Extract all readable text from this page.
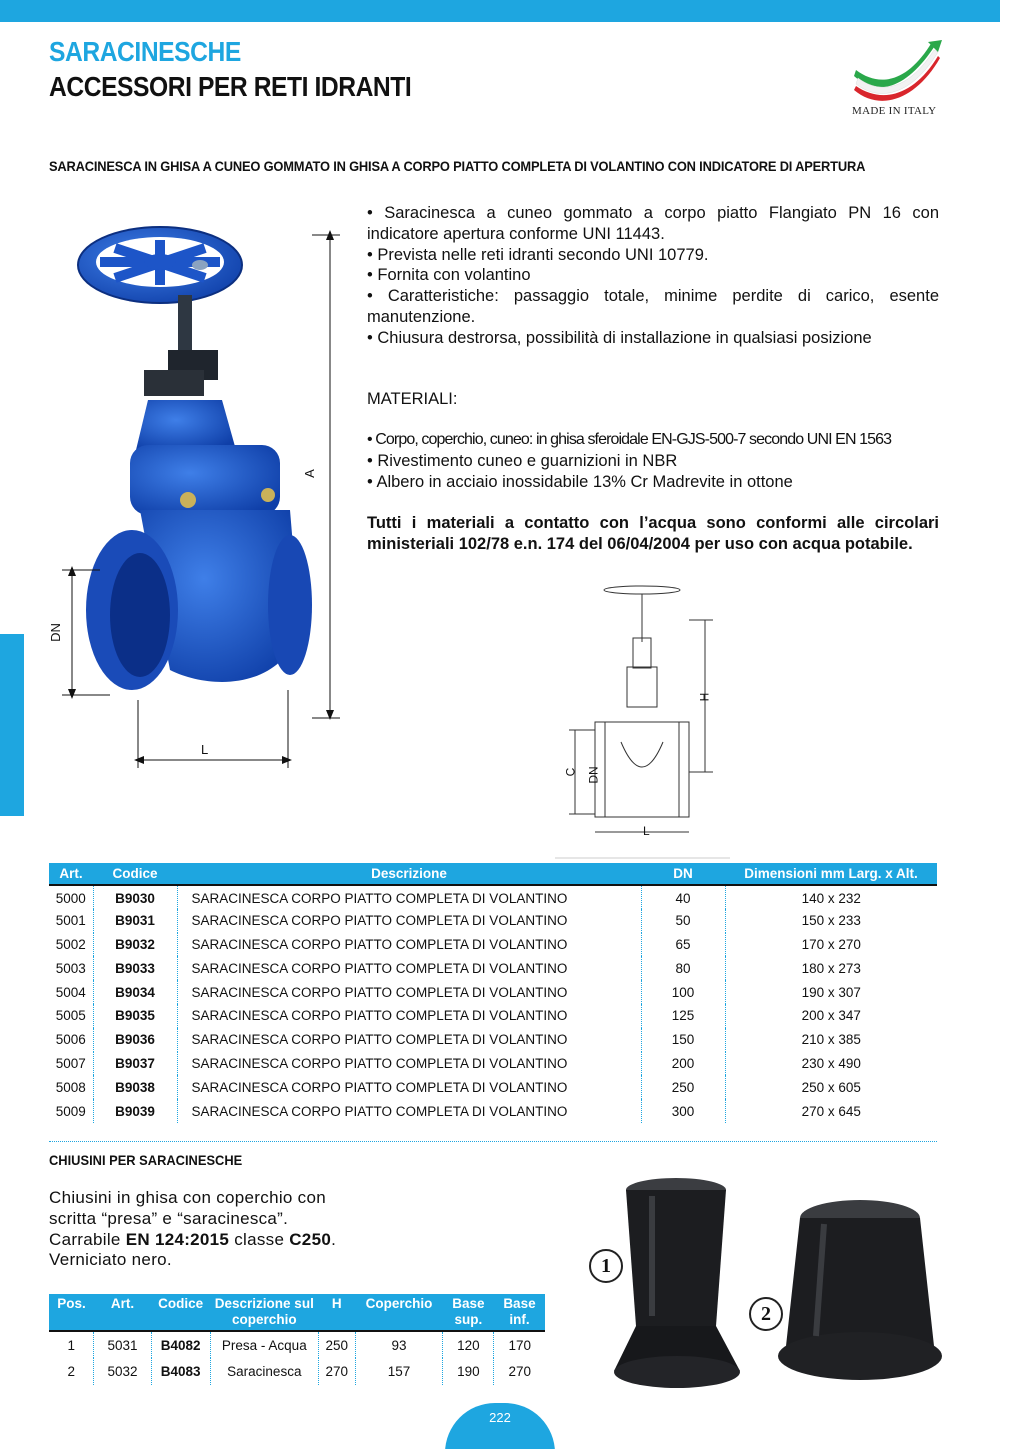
SARACINESCHE
ACCESSORI PER RETI IDRANTI
MADE IN ITALY
SARACINESCA IN GHISA A CUNEO GOMMATO IN GHISA A CORPO PIATTO COMPLETA DI VOLANTINO CON INDICATORE DI APERTURA
A
DN
L

• Saracinesca a cuneo gommato a corpo piatto Flangiato PN 16 con indicatore apertura conforme UNI 11443.

• Prevista nelle reti idranti secondo UNI 10779.

• Fornita con volantino

• Caratteristiche: passaggio totale, minime perdite di carico, esente manutenzione.

• Chiusura destrorsa, possibilità di installazione in qualsiasi posizione

MATERIALI:

• Corpo, coperchio, cuneo: in ghisa sferoidale EN-GJS-500-7 secondo UNI EN 1563

• Rivestimento cuneo e guarnizioni in NBR

• Albero in acciaio inossidabile 13% Cr Madrevite in ottone

Tutti i materiali a contatto con l’acqua sono conformi alle circolari ministeriali 102/78 e.n. 174 del 06/04/2004 per uso con acqua potabile.
H
C DN
L
Art.	Codice	Descrizione	DN	Dimensioni mm Larg. x Alt.
5000	B9030	SARACINESCA CORPO PIATTO COMPLETA DI VOLANTINO	40	140 x 232
5001	B9031	SARACINESCA CORPO PIATTO COMPLETA DI VOLANTINO	50	150 x 233
5002	B9032	SARACINESCA CORPO PIATTO COMPLETA DI VOLANTINO	65	170 x 270
5003	B9033	SARACINESCA CORPO PIATTO COMPLETA DI VOLANTINO	80	180 x 273
5004	B9034	SARACINESCA CORPO PIATTO COMPLETA DI VOLANTINO	100	190 x 307
5005	B9035	SARACINESCA CORPO PIATTO COMPLETA DI VOLANTINO	125	200 x 347
5006	B9036	SARACINESCA CORPO PIATTO COMPLETA DI VOLANTINO	150	210 x 385
5007	B9037	SARACINESCA CORPO PIATTO COMPLETA DI VOLANTINO	200	230 x 490
5008	B9038	SARACINESCA CORPO PIATTO COMPLETA DI VOLANTINO	250	250 x 605
5009	B9039	SARACINESCA CORPO PIATTO COMPLETA DI VOLANTINO	300	270 x 645
CHIUSINI PER SARACINESCHE

Chiusini in ghisa con coperchio con scritta “presa” e “saracinesca”.

Carrabile EN 124:2015 classe C250.

Verniciato nero.

Pos.	Art.	Codice	Descrizione sul coperchio	H	Coperchio	Base sup.	Base inf.
1	5031	B4082	Presa - Acqua	250	93	120	170
2	5032	B4083	Saracinesca	270	157	190	270
1
2
222
